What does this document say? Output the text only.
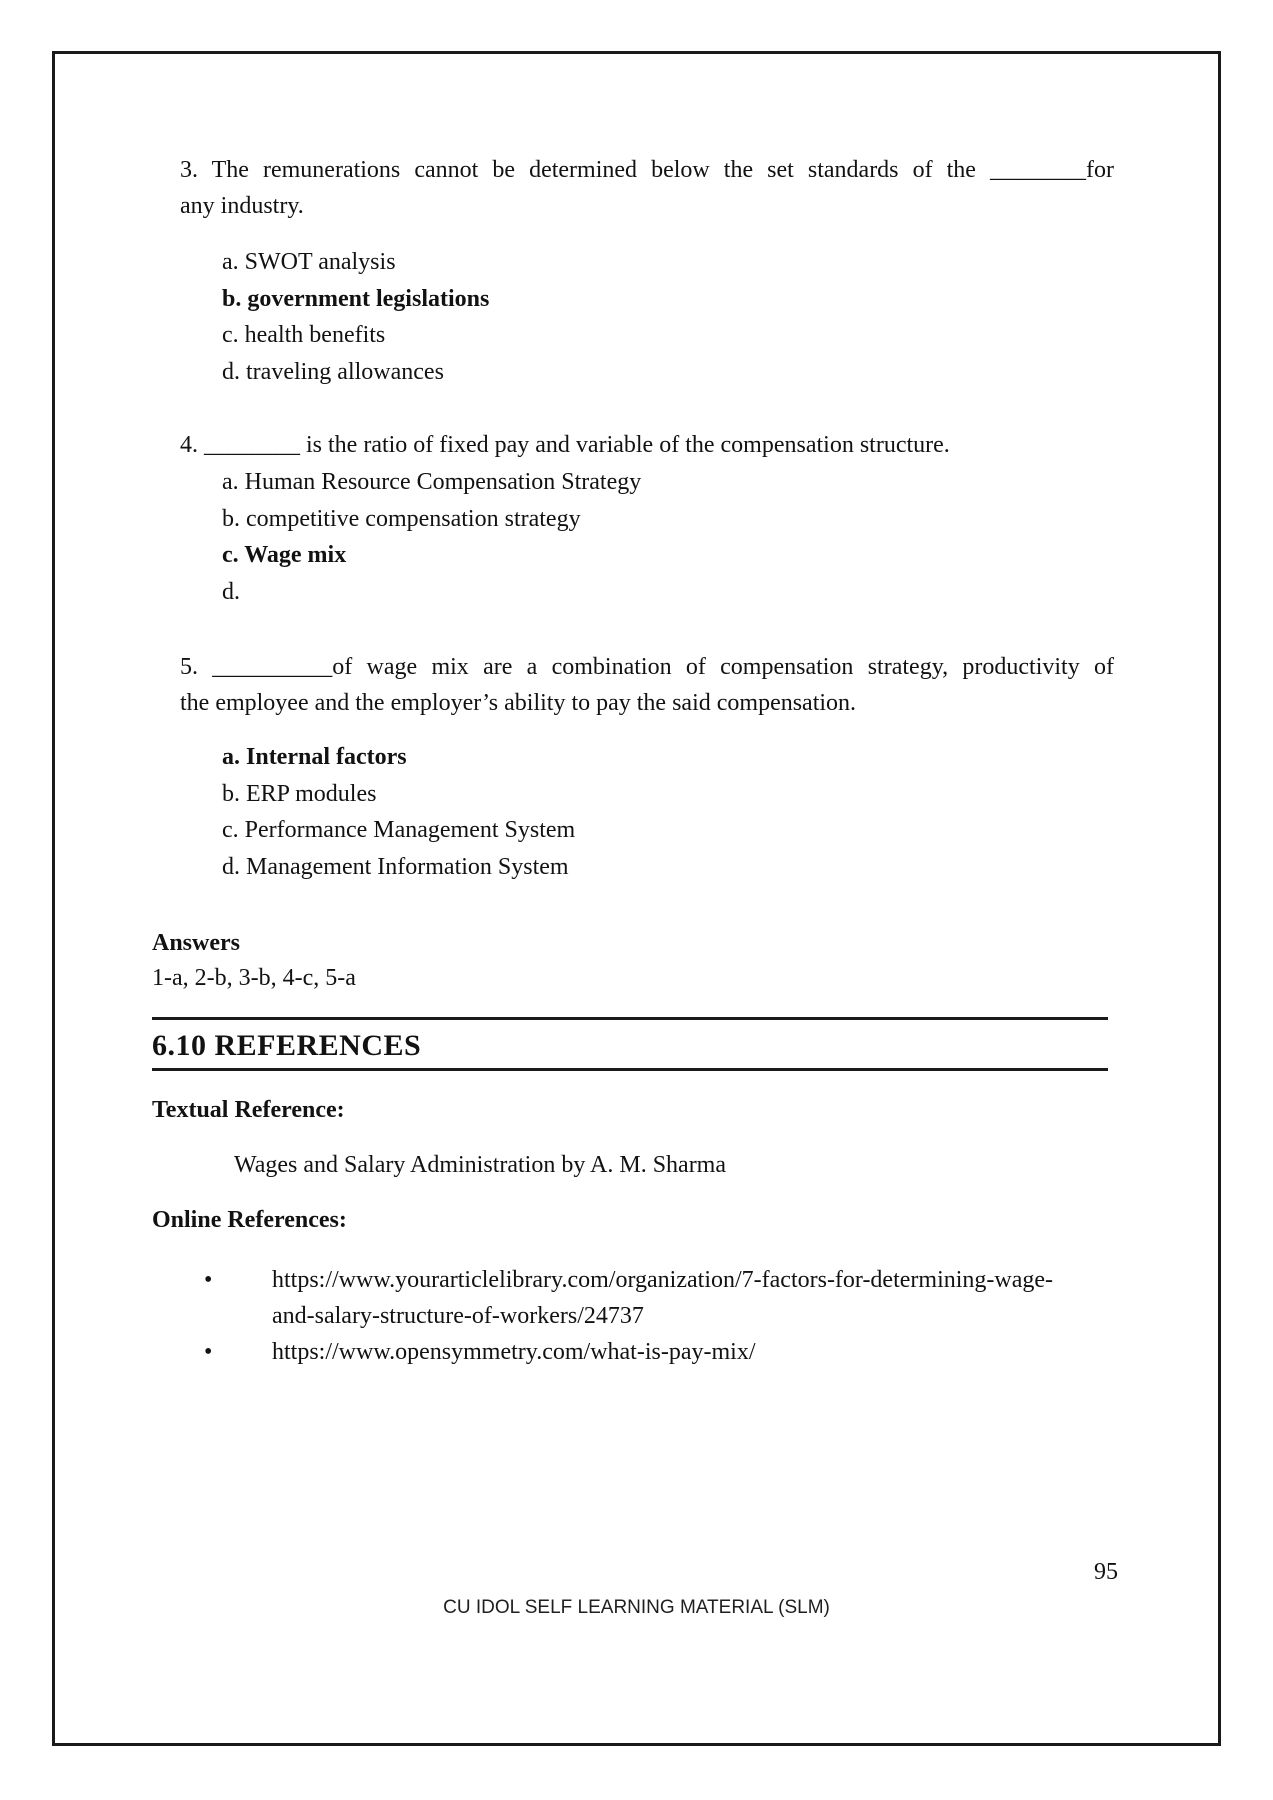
3. The remunerations cannot be determined below the set standards of the ________for
any industry.
a. SWOT analysis
b. government legislations
c. health benefits
d. traveling allowances
4. ________ is the ratio of fixed pay and variable of the compensation structure.
a. Human Resource Compensation Strategy
b. competitive compensation strategy
c. Wage mix
d.
5. __________of wage mix are a combination of compensation strategy, productivity of
the employee and the employer’s ability to pay the said compensation.
a. Internal factors
b. ERP modules
c. Performance Management System
d. Management Information System
Answers
1-a, 2-b, 3-b, 4-c, 5-a
6.10 REFERENCES
Textual Reference:
Wages and Salary Administration by A. M. Sharma
Online References:
• https://www.yourarticlelibrary.com/organization/7-factors-for-determining-wage-
and-salary-structure-of-workers/24737
• https://www.opensymmetry.com/what-is-pay-mix/
95
CU IDOL SELF LEARNING MATERIAL (SLM)
